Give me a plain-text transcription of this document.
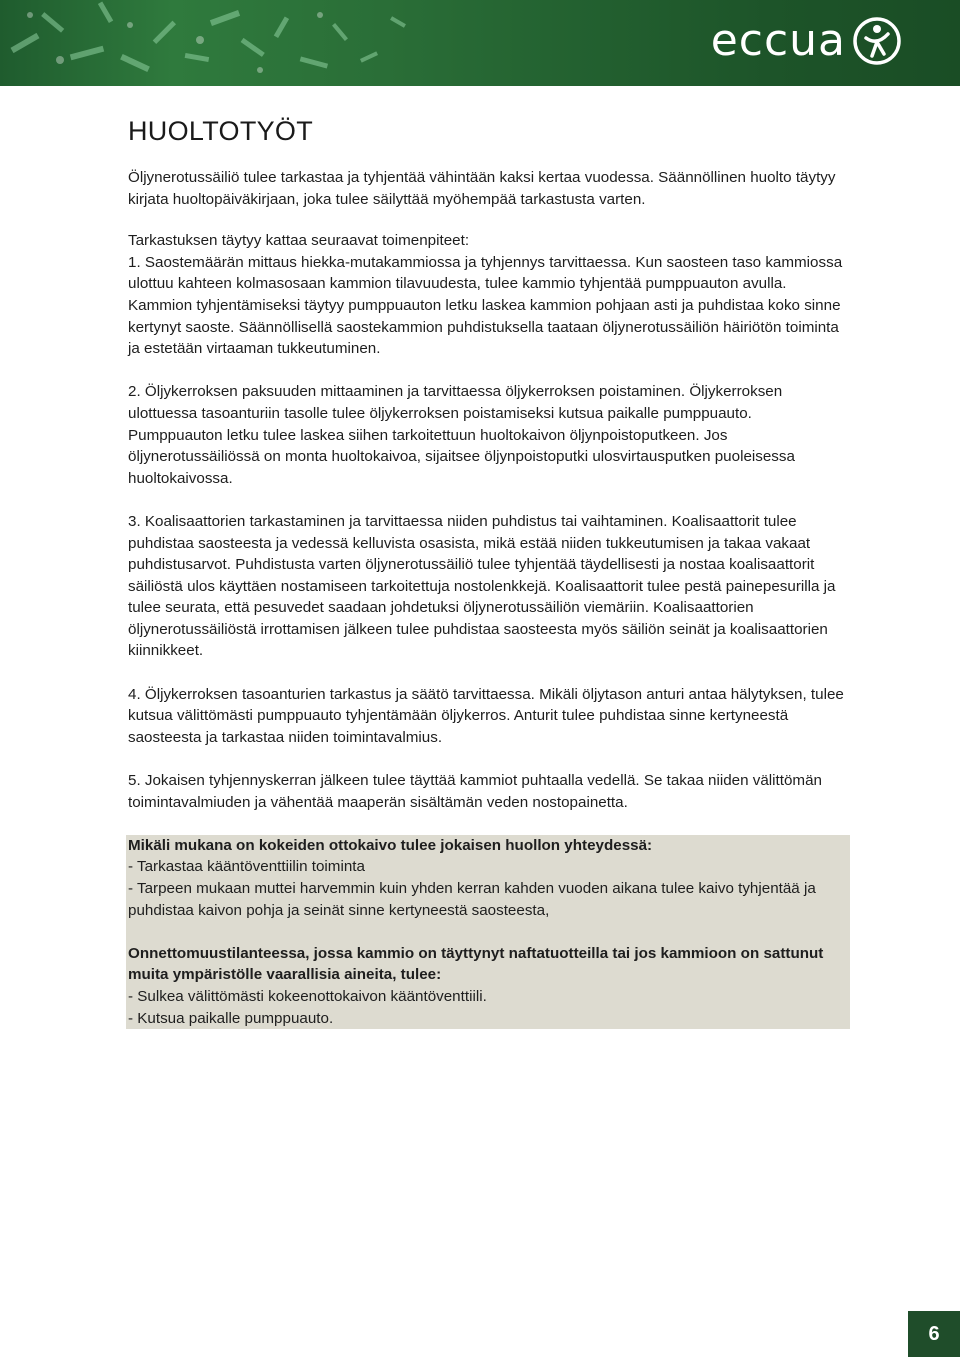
eccua
HUOLTOTYÖT

Öljynerotussäiliö tulee tarkastaa ja tyhjentää vähintään kaksi kertaa vuodessa. Säännöllinen huolto täytyy kirjata huoltopäiväkirjaan, joka tulee säilyttää myöhempää tarkastusta varten.

Tarkastuksen täytyy kattaa seuraavat toimenpiteet:

1. Saostemäärän mittaus hiekka-mutakammiossa ja tyhjennys tarvittaessa. Kun saosteen taso kammiossa ulottuu kahteen kolmasosaan kammion tilavuudesta, tulee kammio tyhjentää pumppuauton avulla. Kammion tyhjentämiseksi täytyy pumppuauton letku laskea kammion pohjaan asti ja puhdistaa koko sinne kertynyt saoste. Säännöllisellä saostekammion puhdistuksella taataan öljynerotussäiliön häiriötön toiminta ja estetään virtaaman tukkeutuminen.

2. Öljykerroksen paksuuden mittaaminen ja tarvittaessa öljykerroksen poistaminen. Öljykerroksen ulottuessa tasoanturiin tasolle tulee öljykerroksen poistamiseksi kutsua paikalle pumppuauto. Pumppuauton letku tulee laskea siihen tarkoitettuun huoltokaivon öljynpoistoputkeen. Jos öljynerotussäiliössä on monta huoltokaivoa, sijaitsee öljynpoistoputki ulosvirtausputken puoleisessa huoltokaivossa.

3. Koalisaattorien tarkastaminen ja tarvittaessa niiden puhdistus tai vaihtaminen. Koalisaattorit tulee puhdistaa saosteesta ja vedessä kelluvista osasista, mikä estää niiden tukkeutumisen ja takaa vakaat puhdistusarvot. Puhdistusta varten öljynerotussäiliö tulee tyhjentää täydellisesti ja nostaa koalisaattorit säiliöstä ulos käyttäen nostamiseen tarkoitettuja nostolenkkejä. Koalisaattorit tulee pestä painepesurilla ja tulee seurata, että pesuvedet saadaan johdetuksi öljynerotussäiliön viemäriin. Koalisaattorien öljynerotussäiliöstä irrottamisen jälkeen tulee puhdistaa saosteesta myös säiliön seinät ja koalisaattorien kiinnikkeet.

4. Öljykerroksen tasoanturien tarkastus ja säätö tarvittaessa. Mikäli öljytason anturi antaa hälytyksen, tulee kutsua välittömästi pumppuauto tyhjentämään öljykerros. Anturit tulee puhdistaa sinne kertyneestä saosteesta ja tarkastaa niiden toimintavalmius.

5. Jokaisen tyhjennyskerran jälkeen tulee täyttää kammiot puhtaalla vedellä. Se takaa niiden välittömän toimintavalmiuden ja vähentää maaperän sisältämän veden nostopainetta.

Mikäli mukana on kokeiden ottokaivo tulee jokaisen huollon yhteydessä:

- Tarkastaa kääntöventtiilin toiminta

- Tarpeen mukaan muttei harvemmin kuin yhden kerran kahden vuoden aikana tulee kaivo tyhjentää ja puhdistaa kaivon pohja ja seinät sinne kertyneestä saosteesta,

Onnettomuustilanteessa, jossa kammio on täyttynyt naftatuotteilla tai jos kammioon on sattunut muita ympäristölle vaarallisia aineita, tulee:

- Sulkea välittömästi kokeenottokaivon kääntöventtiili.

- Kutsua paikalle pumppuauto.

6
